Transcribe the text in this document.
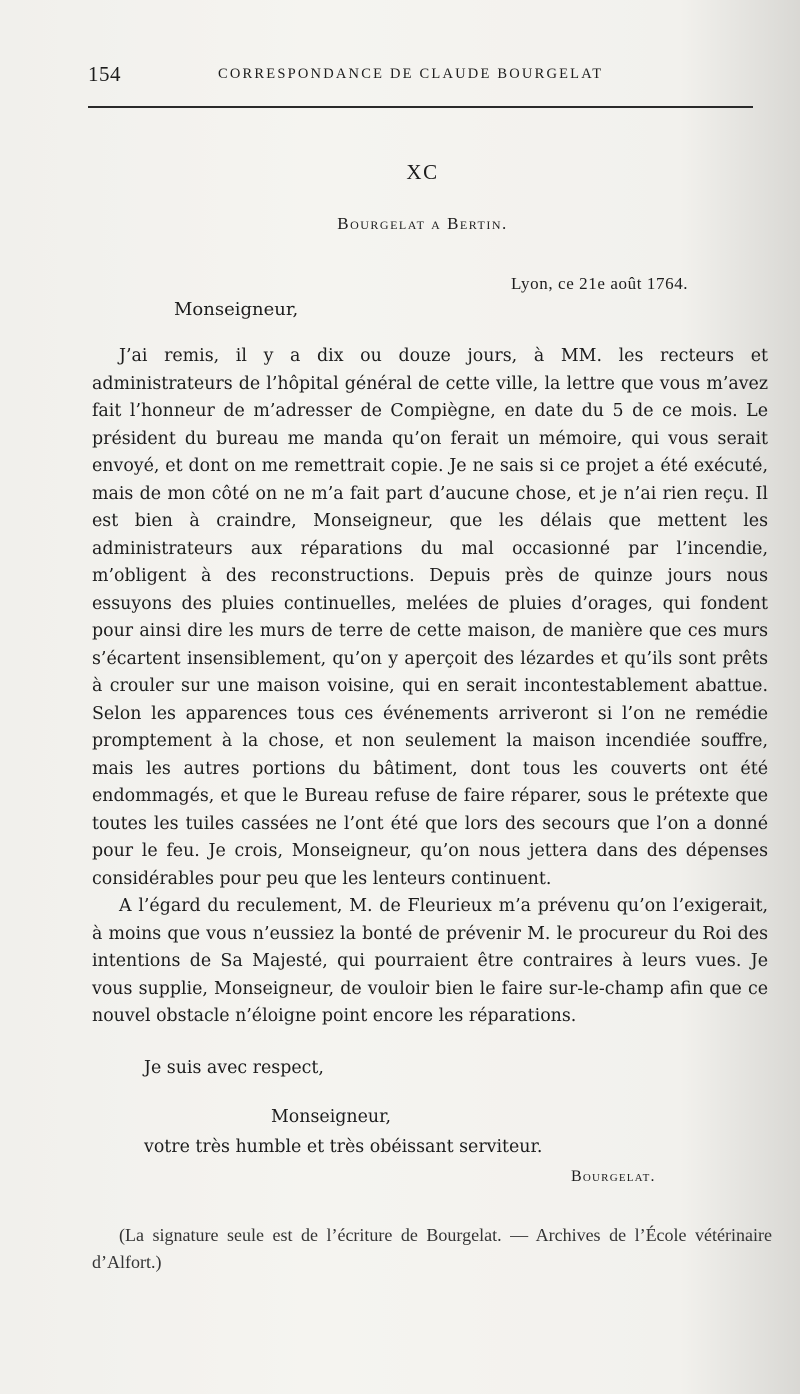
154	CORRESPONDANCE DE CLAUDE BOURGELAT
XC
Bourgelat a Bertin.
Lyon, ce 21e août 1764.
Monseigneur,

J’ai remis, il y a dix ou douze jours, à MM. les recteurs et administrateurs de l’hôpital général de cette ville, la lettre que vous m’avez fait l’honneur de m’adresser de Compiègne, en date du 5 de ce mois. Le président du bureau me manda qu’on ferait un mémoire, qui vous serait envoyé, et dont on me remettrait copie. Je ne sais si ce projet a été exécuté, mais de mon côté on ne m’a fait part d’aucune chose, et je n’ai rien reçu. Il est bien à craindre, Monseigneur, que les délais que mettent les administrateurs aux réparations du mal occasionné par l’incendie, m’obligent à des reconstructions. Depuis près de quinze jours nous essuyons des pluies continuelles, melées de pluies d’orages, qui fondent pour ainsi dire les murs de terre de cette maison, de manière que ces murs s’écartent insensiblement, qu’on y aperçoit des lézardes et qu’ils sont prêts à crouler sur une maison voisine, qui en serait incontestablement abattue. Selon les apparences tous ces événements arriveront si l’on ne remédie promptement à la chose, et non seulement la maison incendiée souffre, mais les autres portions du bâtiment, dont tous les couverts ont été endommagés, et que le Bureau refuse de faire réparer, sous le prétexte que toutes les tuiles cassées ne l’ont été que lors des secours que l’on a donné pour le feu. Je crois, Monseigneur, qu’on nous jettera dans des dépenses considérables pour peu que les lenteurs continuent.

A l’égard du reculement, M. de Fleurieux m’a prévenu qu’on l’exigerait, à moins que vous n’eussiez la bonté de prévenir M. le procureur du Roi des intentions de Sa Majesté, qui pourraient être contraires à leurs vues. Je vous supplie, Monseigneur, de vouloir bien le faire sur-le-champ afin que ce nouvel obstacle n’éloigne point encore les réparations.

Je suis avec respect,
Monseigneur,
votre très humble et très obéissant serviteur.
Bourgelat.
(La signature seule est de l’écriture de Bourgelat. — Archives de l’École vétérinaire d’Alfort.)
